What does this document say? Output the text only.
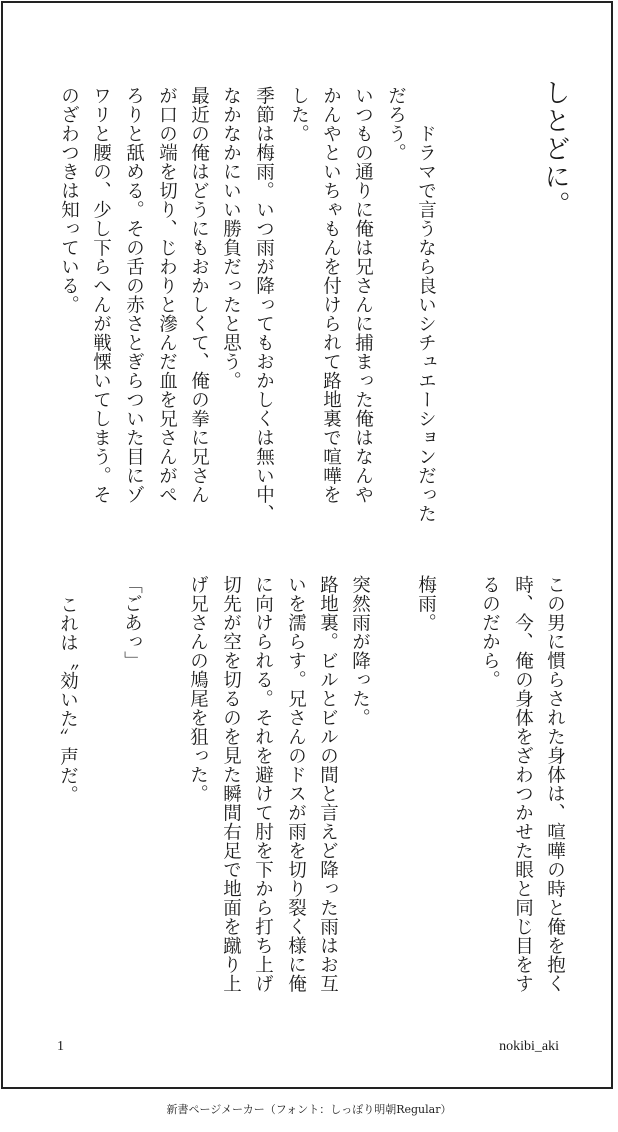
しとどに。
　ドラマで言うなら良いシチュエーションだった
だろう。
いつもの通りに俺は兄さんに捕まった俺はなんや
かんやといちゃもんを付けられて路地裏で喧嘩を
した。
季節は梅雨。いつ雨が降ってもおかしくは無い中、
なかなかにいい勝負だったと思う。
最近の俺はどうにもおかしくて、俺の拳に兄さん
が口の端を切り、じわりと滲んだ血を兄さんがぺ
ろりと舐める。その舌の赤さとぎらついた目にゾ
ワリと腰の、少し下らへんが戦慄いてしまう。そ
のざわつきは知っている。
この男に慣らされた身体は、喧嘩の時と俺を抱く
時、今、俺の身体をざわつかせた眼と同じ目をす
るのだから。
梅雨。
突然雨が降った。
路地裏。ビルとビルの間と言えど降った雨はお互
いを濡らす。兄さんのドスが雨を切り裂く様に俺
に向けられる。それを避けて肘を下から打ち上げ
切先が空を切るのを見た瞬間右足で地面を蹴り上
げ兄さんの鳩尾を狙った。
「ごあっ」
これは〝効いた〟声だ。
1	nokibi_aki
新書ページメーカー（フォント：しっぽり明朝Regular）
